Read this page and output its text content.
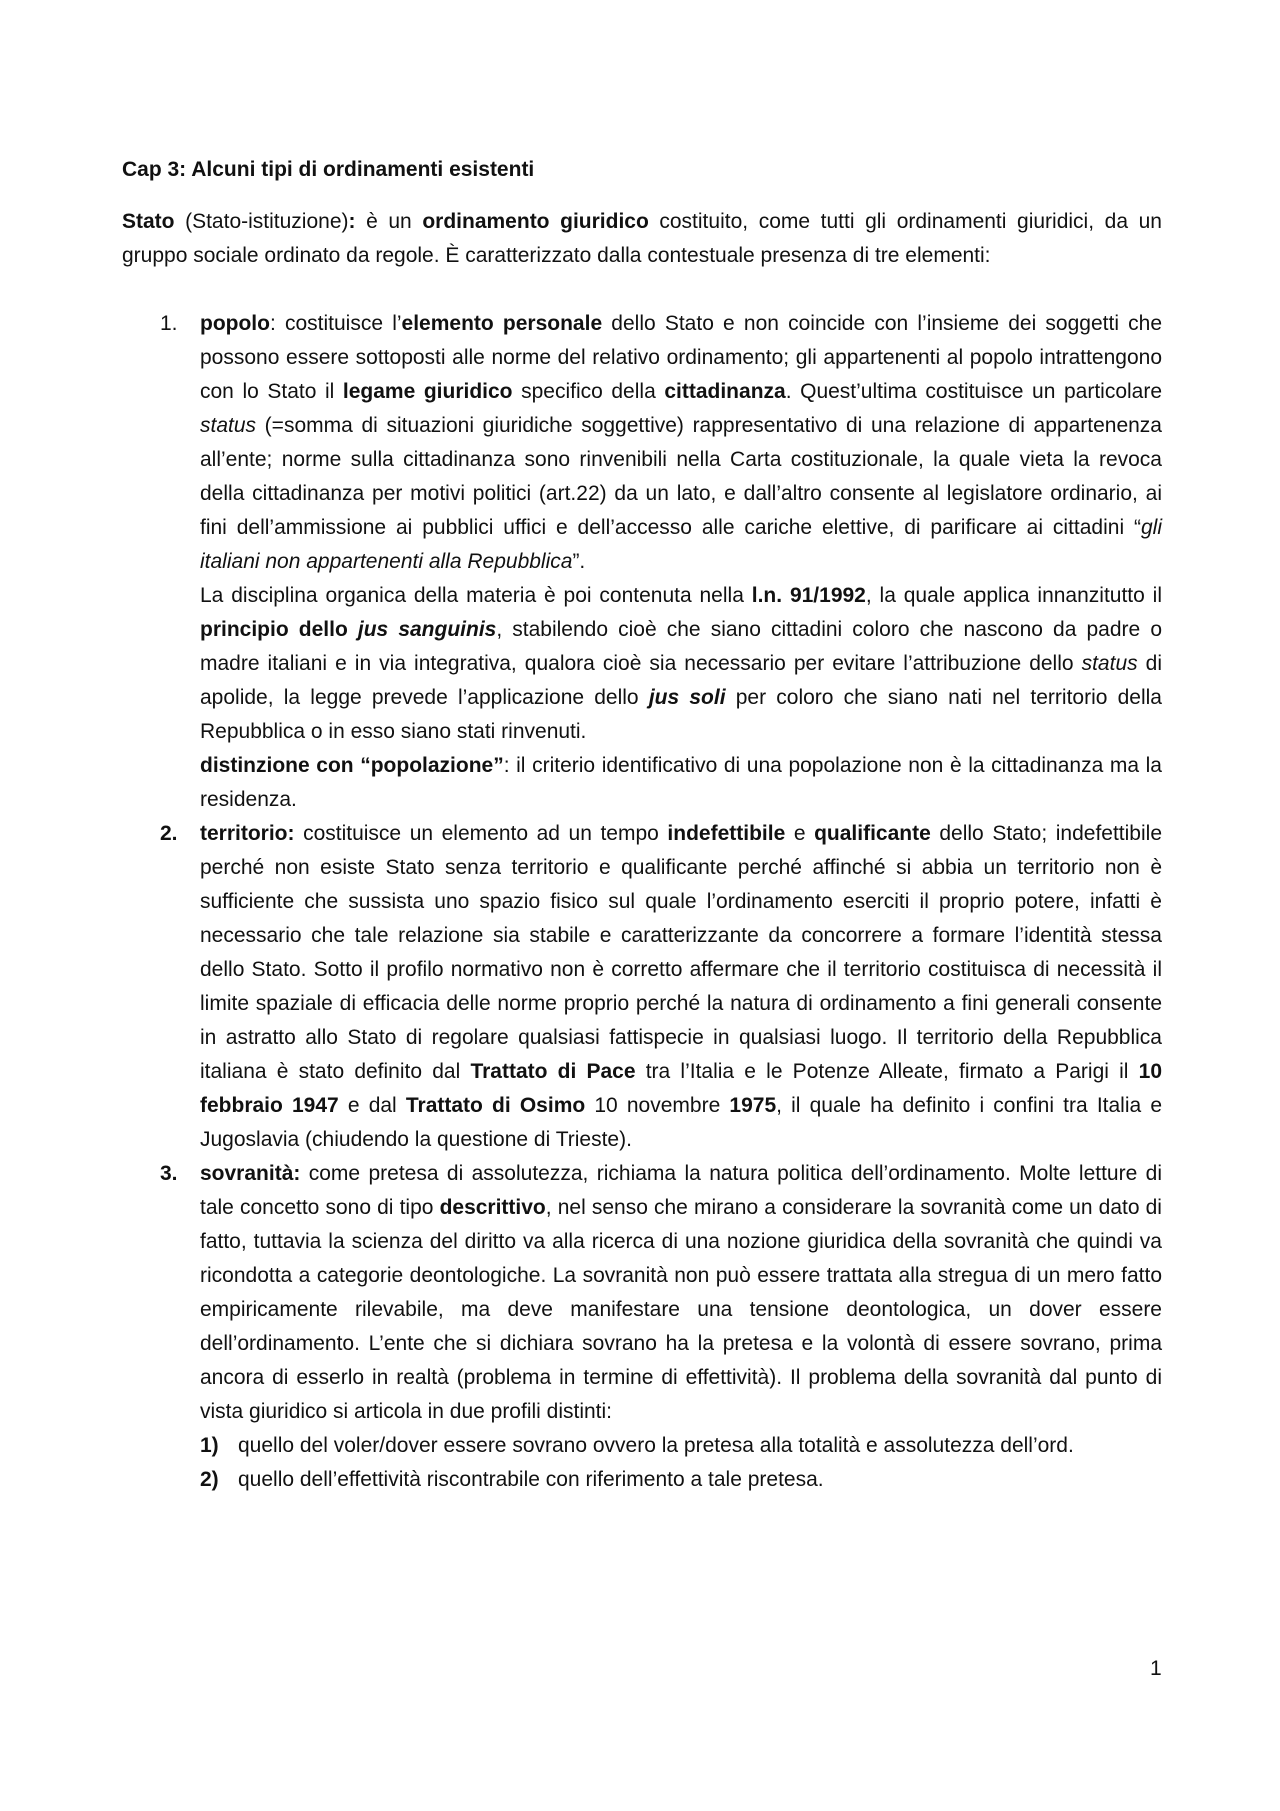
Cap 3: Alcuni tipi di ordinamenti esistenti

Stato (Stato-istituzione): è un ordinamento giuridico costituito, come tutti gli ordinamenti giuridici, da un gruppo sociale ordinato da regole. È caratterizzato dalla contestuale presenza di tre elementi:

1.	popolo: costituisce l’elemento personale dello Stato e non coincide con l’insieme dei soggetti che possono essere sottoposti alle norme del relativo ordinamento; gli appartenenti al popolo intrattengono con lo Stato il legame giuridico specifico della cittadinanza. Quest’ultima costituisce un particolare status (=somma di situazioni giuridiche soggettive) rappresentativo di una relazione di appartenenza all’ente; norme sulla cittadinanza sono rinvenibili nella Carta costituzionale, la quale vieta la revoca della cittadinanza per motivi politici (art.22) da un lato, e dall’altro consente al legislatore ordinario, ai fini dell’ammissione ai pubblici uffici e dell’accesso alle cariche elettive, di parificare ai cittadini “gli italiani non appartenenti alla Repubblica”.

La disciplina organica della materia è poi contenuta nella l.n. 91/1992, la quale applica innanzitutto il principio dello jus sanguinis, stabilendo cioè che siano cittadini coloro che nascono da padre o madre italiani e in via integrativa, qualora cioè sia necessario per evitare l’attribuzione dello status di apolide, la legge prevede l’applicazione dello jus soli per coloro che siano nati nel territorio della Repubblica o in esso siano stati rinvenuti.

distinzione con “popolazione”: il criterio identificativo di una popolazione non è la cittadinanza ma la residenza.

2.	territorio: costituisce un elemento ad un tempo indefettibile e qualificante dello Stato; indefettibile perché non esiste Stato senza territorio e qualificante perché affinché si abbia un territorio non è sufficiente che sussista uno spazio fisico sul quale l’ordinamento eserciti il proprio potere, infatti è necessario che tale relazione sia stabile e caratterizzante da concorrere a formare l’identità stessa dello Stato. Sotto il profilo normativo non è corretto affermare che il territorio costituisca di necessità il limite spaziale di efficacia delle norme proprio perché la natura di ordinamento a fini generali consente in astratto allo Stato di regolare qualsiasi fattispecie in qualsiasi luogo. Il territorio della Repubblica italiana è stato definito dal Trattato di Pace tra l’Italia e le Potenze Alleate, firmato a Parigi il 10 febbraio 1947 e dal Trattato di Osimo 10 novembre 1975, il quale ha definito i confini tra Italia e Jugoslavia (chiudendo la questione di Trieste).

3.	sovranità: come pretesa di assolutezza, richiama la natura politica dell’ordinamento. Molte letture di tale concetto sono di tipo descrittivo, nel senso che mirano a considerare la sovranità come un dato di fatto, tuttavia la scienza del diritto va alla ricerca di una nozione giuridica della sovranità che quindi va ricondotta a categorie deontologiche. La sovranità non può essere trattata alla stregua di un mero fatto empiricamente rilevabile, ma deve manifestare una tensione deontologica, un dover essere dell’ordinamento. L’ente che si dichiara sovrano ha la pretesa e la volontà di essere sovrano, prima ancora di esserlo in realtà (problema in termine di effettività). Il problema della sovranità dal punto di vista giuridico si articola in due profili distinti:

1) quello del voler/dover essere sovrano ovvero la pretesa alla totalità e assolutezza dell’ord.

2) quello dell’effettività riscontrabile con riferimento a tale pretesa.

1
